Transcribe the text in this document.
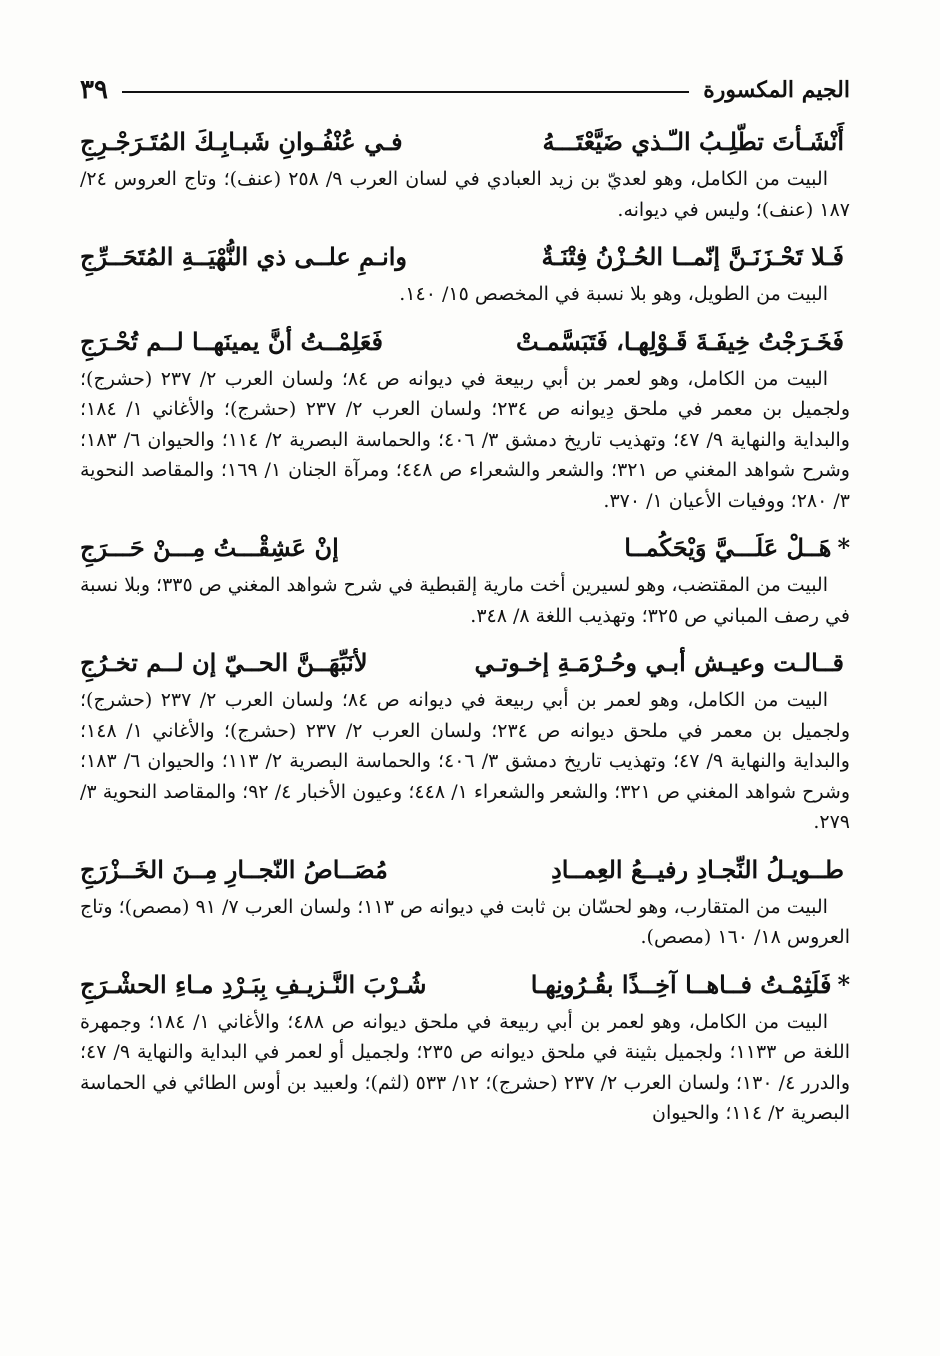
الجيم المكسورة
٣٩
أَنْشَـأتَ تطّلِـبُ الـّـذي ضَيَّعْتَـــهُ
فـي عُنْفُـوانِ شَبـابِـكَ المُتَـرَجْـرِجِ
البيت من الكامل، وهو لعديّ بن زيد العبادي في لسان العرب ٩/ ٢٥٨ (عنف)؛ وتاج العروس ٢٤/ ١٨٧ (عنف)؛ وليس في ديوانه.
فَـلا تَحْـزَنَـنَّ إنّمــا الحُـزْنُ فِتْنَـةٌ
وانـمِ علــى ذي النُّهْيَــةِ المُتَحَــرِّجِ
البيت من الطويل، وهو بلا نسبة في المخصص ١٥/ ١٤٠.
فَخَـرَجْتُ خِيفَـةَ قَـوْلِهـا، فَتَبَسَّمـتْ
فَعَلِمْــتُ أنَّ يمينَهــا لــم تُحْـرَجِ
البيت من الكامل، وهو لعمر بن أبي ربيعة في ديوانه ص ٨٤؛ ولسان العرب ٢/ ٢٣٧ (حشرج)؛ ولجميل بن معمر في ملحق دِيوانه ص ٢٣٤؛ ولسان العرب ٢/ ٢٣٧ (حشرج)؛ والأغاني ١/ ١٨٤؛ والبداية والنهاية ٩/ ٤٧؛ وتهذيب تاريخ دمشق ٣/ ٤٠٦؛ والحماسة البصرية ٢/ ١١٤؛ والحيوان ٦/ ١٨٣؛ وشرح شواهد المغني ص ٣٢١؛ والشعر والشعراء ص ٤٤٨؛ ومرآة الجنان ١/ ١٦٩؛ والمقاصد النحوية ٣/ ٢٨٠؛ ووفيات الأعيان ١/ ٣٧٠.
*هَــلْ عَلَـــيَّ وَيْحَكُمــا
إنْ عَشِقْـــتُ مِـــنْ حَـــرَجِ
البيت من المقتضب، وهو لسيرين أخت مارية إلقبطية في شرح شواهد المغني ص ٣٣٥؛ وبلا نسبة في رصف المباني ص ٣٢٥؛ وتهذيب اللغة ٨/ ٣٤٨.
قــالـت وعيـش أبـي وحُـرْمَـةِ إخـوتـي
لأنَبِّهَــنَّ الحــيّ إن لــم تخـرُجِ
البيت من الكامل، وهو لعمر بن أبي ربيعة في ديوانه ص ٨٤؛ ولسان العرب ٢/ ٢٣٧ (حشرج)؛ ولجميل بن معمر في ملحق ديوانه ص ٢٣٤؛ ولسان العرب ٢/ ٢٣٧ (حشرج)؛ والأغاني ١/ ١٤٨؛ والبداية والنهاية ٩/ ٤٧؛ وتهذيب تاريخ دمشق ٣/ ٤٠٦؛ والحماسة البصرية ٢/ ١١٣؛ والحيوان ٦/ ١٨٣؛ وشرح شواهد المغني ص ٣٢١؛ والشعر والشعراء ١/ ٤٤٨؛ وعيون الأخبار ٤/ ٩٢؛ والمقاصد النحوية ٣/ ٢٧٩.
طــويـلُ النِّجـادِ رفيــعُ العِمــادِ
مُصَــاصُ النّجــارِ مِــنَ الخَــزْرَجِ
البيت من المتقارب، وهو لحسّان بن ثابت في ديوانه ص ١١٣؛ ولسان العرب ٧/ ٩١ (مصص)؛ وتاج العروس ١٨/ ١٦٠ (مصص).
*فَلَثِمْـتُ فــاهــا آخِــذًا بقُـرُونِهـا
شُـرْبَ النَّـزيـفِ بِبَـرْدِ مـاءِ الحشْـرَجِ
البيت من الكامل، وهو لعمر بن أبي ربيعة في ملحق ديوانه ص ٤٨٨؛ والأغاني ١/ ١٨٤؛ وجمهرة اللغة ص ١١٣٣؛ ولجميل بثينة في ملحق ديوانه ص ٢٣٥؛ ولجميل أو لعمر في البداية والنهاية ٩/ ٤٧؛ والدرر ٤/ ١٣٠؛ ولسان العرب ٢/ ٢٣٧ (حشرج)؛ ١٢/ ٥٣٣ (لثم)؛ ولعبيد بن أوس الطائي في الحماسة البصرية ٢/ ١١٤؛ والحيوان
